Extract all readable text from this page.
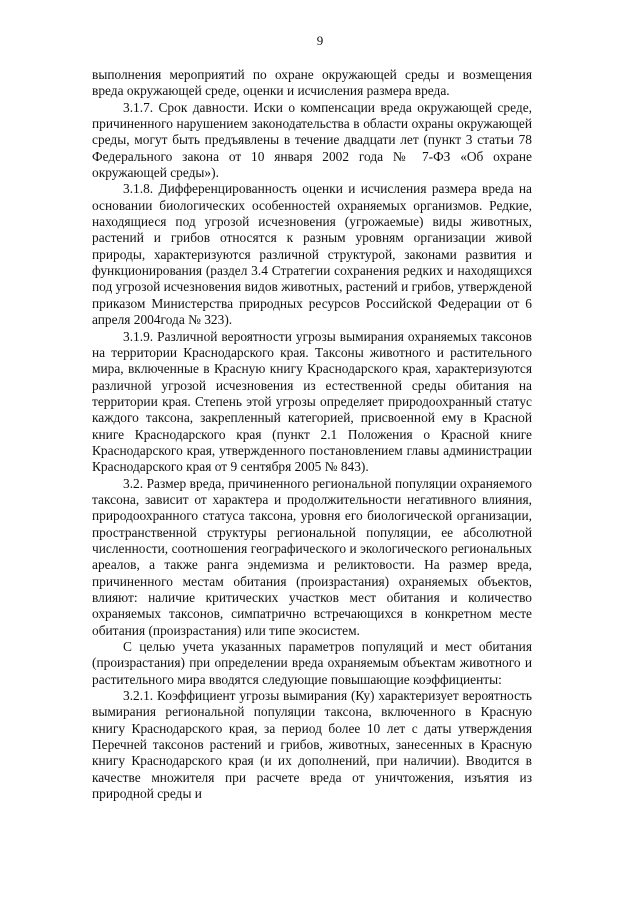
9

выполнения мероприятий по охране окружающей среды и возмещения вреда окружающей среде, оценки и исчисления размера вреда.

3.1.7. Срок давности. Иски о компенсации вреда окружающей среде, причиненного нарушением законодательства в области охраны окружающей среды, могут быть предъявлены в течение двадцати лет (пункт 3 статьи 78 Федерального закона от 10 января 2002 года № 7-ФЗ «Об охране окружающей среды»).

3.1.8. Дифференцированность оценки и исчисления размера вреда на основании биологических особенностей охраняемых организмов. Редкие, находящиеся под угрозой исчезновения (угрожаемые) виды животных, растений и грибов относятся к разным уровням организации живой природы, характеризуются различной структурой, законами развития и функционирования (раздел 3.4 Стратегии сохранения редких и находящихся под угрозой исчезновения видов животных, растений и грибов, утвержденой приказом Министерства природных ресурсов Российской Федерации от 6 апреля 2004года № 323).

3.1.9. Различной вероятности угрозы вымирания охраняемых таксонов на территории Краснодарского края. Таксоны животного и растительного мира, включенные в Красную книгу Краснодарского края, характеризуются различной угрозой исчезновения из естественной среды обитания на территории края. Степень этой угрозы определяет природоохранный статус каждого таксона, закрепленный категорией, присвоенной ему в Красной книге Краснодарского края (пункт 2.1 Положения о Красной книге Краснодарского края, утвержденного постановлением главы администрации Краснодарского края от 9 сентября 2005 № 843).

3.2. Размер вреда, причиненного региональной популяции охраняемого таксона, зависит от характера и продолжительности негативного влияния, природоохранного статуса таксона, уровня его биологической организации, пространственной структуры региональной популяции, ее абсолютной численности, соотношения географического и экологического региональных ареалов, а также ранга эндемизма и реликтовости. На размер вреда, причиненного местам обитания (произрастания) охраняемых объектов, влияют: наличие критических участков мест обитания и количество охраняемых таксонов, симпатрично встречающихся в конкретном месте обитания (произрастания) или типе экосистем.

С целью учета указанных параметров популяций и мест обитания (произрастания) при определении вреда охраняемым объектам животного и растительного мира вводятся следующие повышающие коэффициенты:

3.2.1. Коэффициент угрозы вымирания (Ку) характеризует вероятность вымирания региональной популяции таксона, включенного в Красную книгу Краснодарского края, за период более 10 лет с даты утверждения Перечней таксонов растений и грибов, животных, занесенных в Красную книгу Краснодарского края (и их дополнений, при наличии). Вводится в качестве множителя при расчете вреда от уничтожения, изъятия из природной среды и
